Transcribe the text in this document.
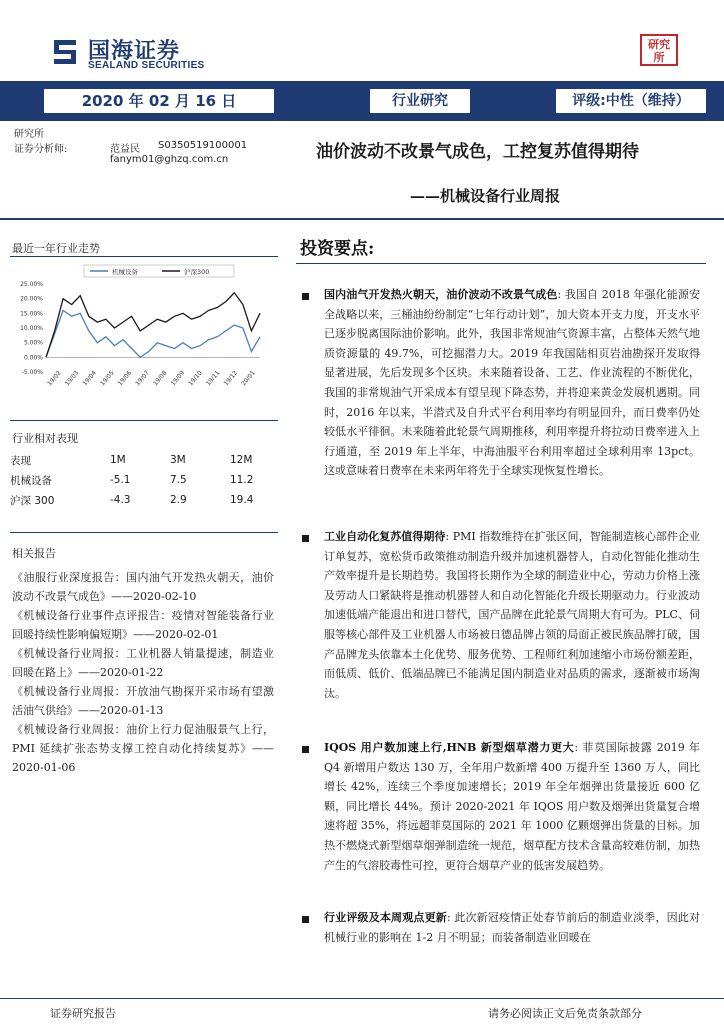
国海证券
SEALAND SECURITIES
研究
所
2020 年 02 月 16 日	行业研究	评级:中性（维持）
研究所
证券分析师:	范益民 S0350519100001
fanym01@ghzq.com.cn	油价波动不改景气成色，工控复苏值得期待
——机械设备行业周报
最近一年行业走势
机械设备	沪深300
25.00%
20.00%
15.00%
10.00%
5.00%
0.00%
-5.00% 19/02 19/03 19/04 19/05 19/06 19/07 19/08 19/09 19/10 19/11 19/12 20/01
行业相对表现
表现	1M	3M	12M
机械设备	-5.1	7.5	11.2
沪深 300	-4.3	2.9	19.4
相关报告

《油服行业深度报告：国内油气开发热火朝天，油价波动不改景气成色》——2020-02-10

《机械设备行业事件点评报告：疫情对智能装备行业回暖持续性影响偏短期》——2020-02-01

《机械设备行业周报：工业机器人销量提速，制造业回暖在路上》——2020-01-22

《机械设备行业周报：开放油气勘探开采市场有望激活油气供给》——2020-01-13

《机械设备行业周报：油价上行力促油服景气上行，PMI 延续扩张态势支撑工控自动化持续复苏》——2020-01-06

投资要点:
国内油气开发热火朝天，油价波动不改景气成色: 我国自 2018 年强化能源安全战略以来，三桶油纷纷制定“七年行动计划”，加大资本开支力度，开支水平已逐步脱离国际油价影响。此外，我国非常规油气资源丰富，占整体天然气地质资源量的 49.7%，可挖掘潜力大。2019 年我国陆相页岩油勘探开发取得显著进展，先后发现多个区块。未来随着设备、工艺、作业流程的不断优化，我国的非常规油气开采成本有望呈现下降态势，并将迎来黄金发展机遇期。同时，2016 年以来，半潜式及自升式平台利用率均有明显回升，而日费率仍处较低水平徘徊。未来随着此轮景气周期推移，利用率提升将拉动日费率进入上行通道，至 2019 年上半年，中海油服平台利用率超过全球利用率 13pct。这或意味着日费率在未来两年将先于全球实现恢复性增长。
工业自动化复苏值得期待: PMI 指数维持在扩张区间，智能制造核心部件企业订单复苏，宽松货币政策推动制造升级并加速机器替人，自动化智能化推动生产效率提升是长期趋势。我国将长期作为全球的制造业中心，劳动力价格上涨及劳动人口紧缺将是推动机器替人和自动化智能化升级长期驱动力。行业波动加速低端产能退出和进口替代，国产品牌在此轮景气周期大有可为。PLC、伺服等核心部件及工业机器人市场被日德品牌占领的局面正被民族品牌打破，国产品牌龙头依靠本土化优势、服务优势、工程师红利加速缩小市场份额差距，而低质、低价、低端品牌已不能满足国内制造业对品质的需求，逐渐被市场淘汰。
IQOS 用户数加速上行,HNB 新型烟草潜力更大: 菲莫国际披露 2019 年 Q4 新增用户数达 130 万，全年用户数新增 400 万提升至 1360 万人，同比增长 42%，连续三个季度加速增长；2019 年全年烟弹出货量接近 600 亿颗，同比增长 44%。预计 2020-2021 年 IQOS 用户数及烟弹出货量复合增速将超 35%，将远超菲莫国际的 2021 年 1000 亿颗烟弹出货量的目标。加热不燃烧式新型烟草烟弹制造统一规范，烟草配方技术含量高较难仿制，加热产生的气溶胶毒性可控，更符合烟草产业的低害发展趋势。
行业评级及本周观点更新: 此次新冠疫情正处春节前后的制造业淡季，因此对机械行业的影响在 1-2 月不明显；而装备制造业回暖在
证券研究报告	请务必阅读正文后免责条款部分
